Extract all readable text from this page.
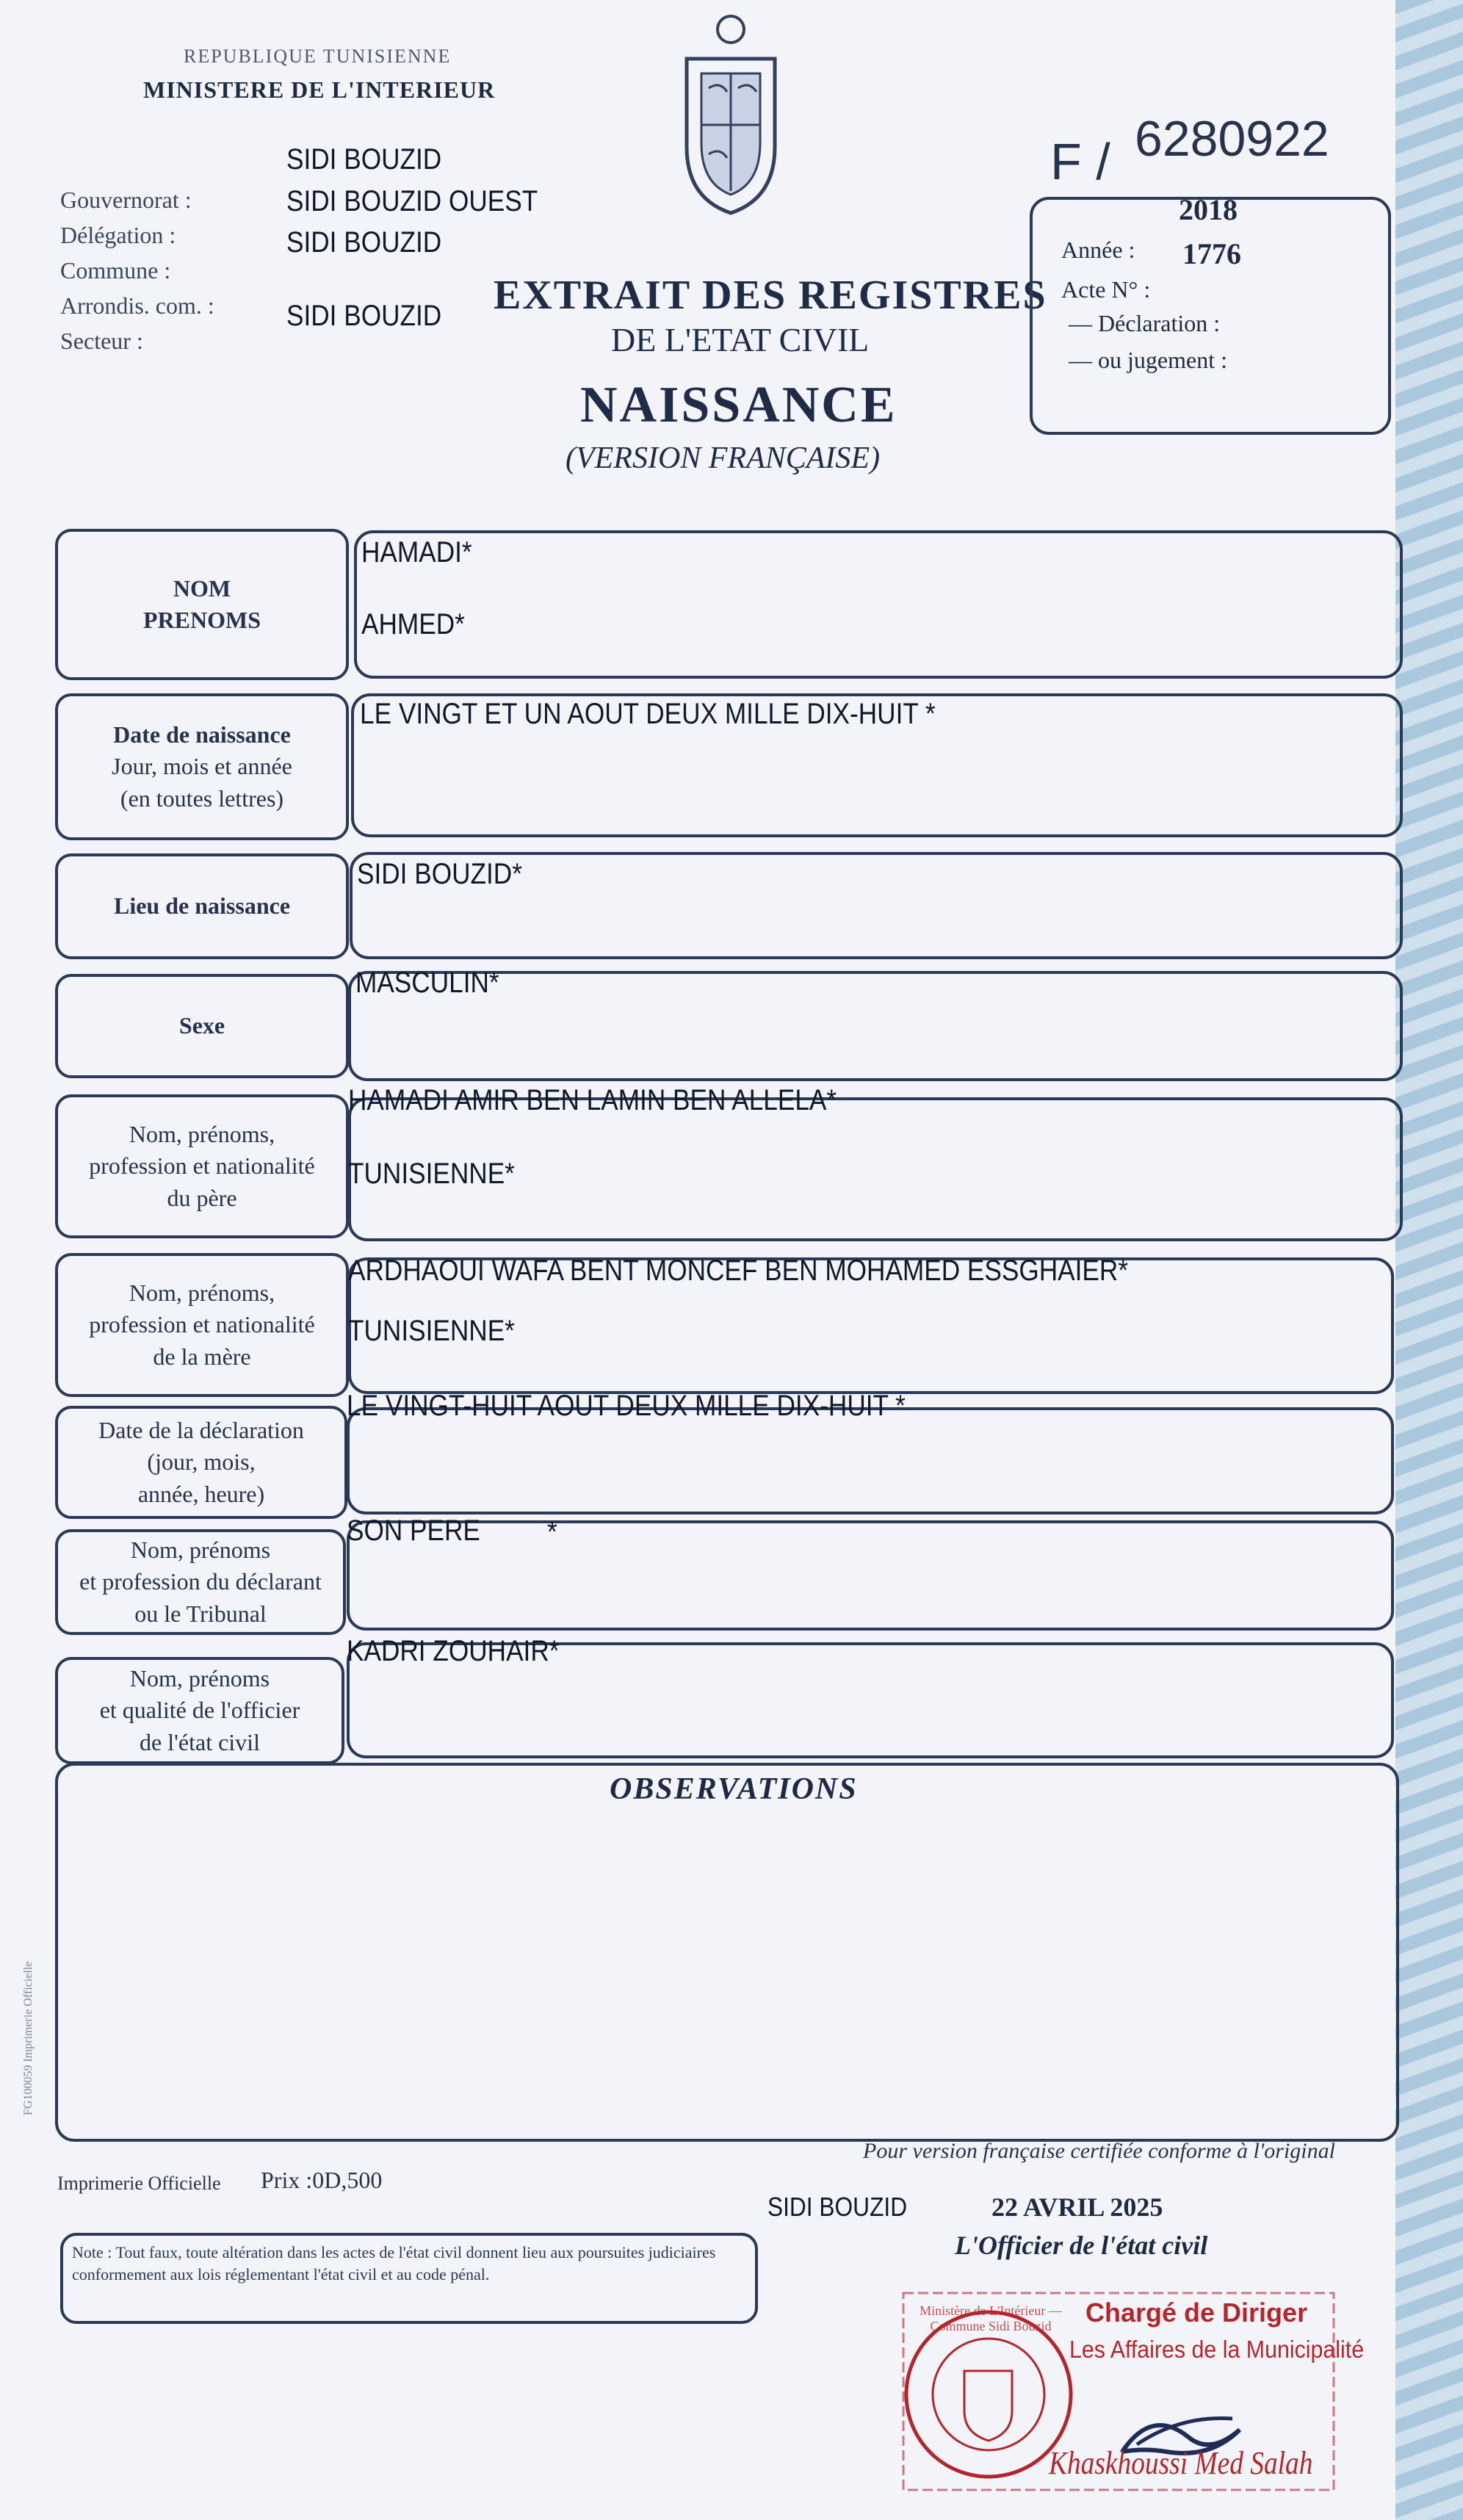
REPUBLIQUE TUNISIENNE
MINISTERE DE L'INTERIEUR
F / 6280922
Gouvernorat :
Délégation :
Commune :
Arrondis. com. :
Secteur :
SIDI BOUZID
SIDI BOUZID OUEST
SIDI BOUZID
SIDI BOUZID EXTRAIT DES REGISTRES
DE L'ETAT CIVIL
NAISSANCE
(VERSION FRANÇAISE)
Année :
2018
1776
Acte N° :
— Déclaration :
— ou jugement :
NOM
PRENOMS
HAMADI*
AHMED*
Date de naissance
Jour, mois et année
(en toutes lettres)
LE VINGT ET UN AOUT DEUX MILLE DIX-HUIT *
Lieu de naissance
SIDI BOUZID*
Sexe
MASCULIN*
Nom, prénoms,
profession et nationalité
du père
HAMADI AMIR BEN LAMIN BEN ALLELA*
TUNISIENNE*
Nom, prénoms,
profession et nationalité
de la mère
ARDHAOUI WAFA BENT MONCEF BEN MOHAMED ESSGHAIER*
TUNISIENNE*
Date de la déclaration
(jour, mois,
année, heure)
LE VINGT-HUIT AOUT DEUX MILLE DIX-HUIT *
Nom, prénoms
et profession du déclarant
ou le Tribunal
SON PERE *
Nom, prénoms
et qualité de l'officier
de l'état civil
KADRI ZOUHAIR*
OBSERVATIONS
FG100059 Imprimerie Officielle
Imprimerie Officielle Prix :0D,500
Note : Tout faux, toute altération dans les actes de l'état civil donnent lieu aux poursuites judiciaires conformement aux lois réglementant l'état civil et au code pénal.
Pour version française certifiée conforme à l'original
SIDI BOUZID	22 AVRIL 2025
L'Officier de l'état civil
Ministère de L'Intérieur — Commune Sidi Bouzid	Chargé de Diriger
Les Affaires de la Municipalité
Khaskhoussi Med Salah
